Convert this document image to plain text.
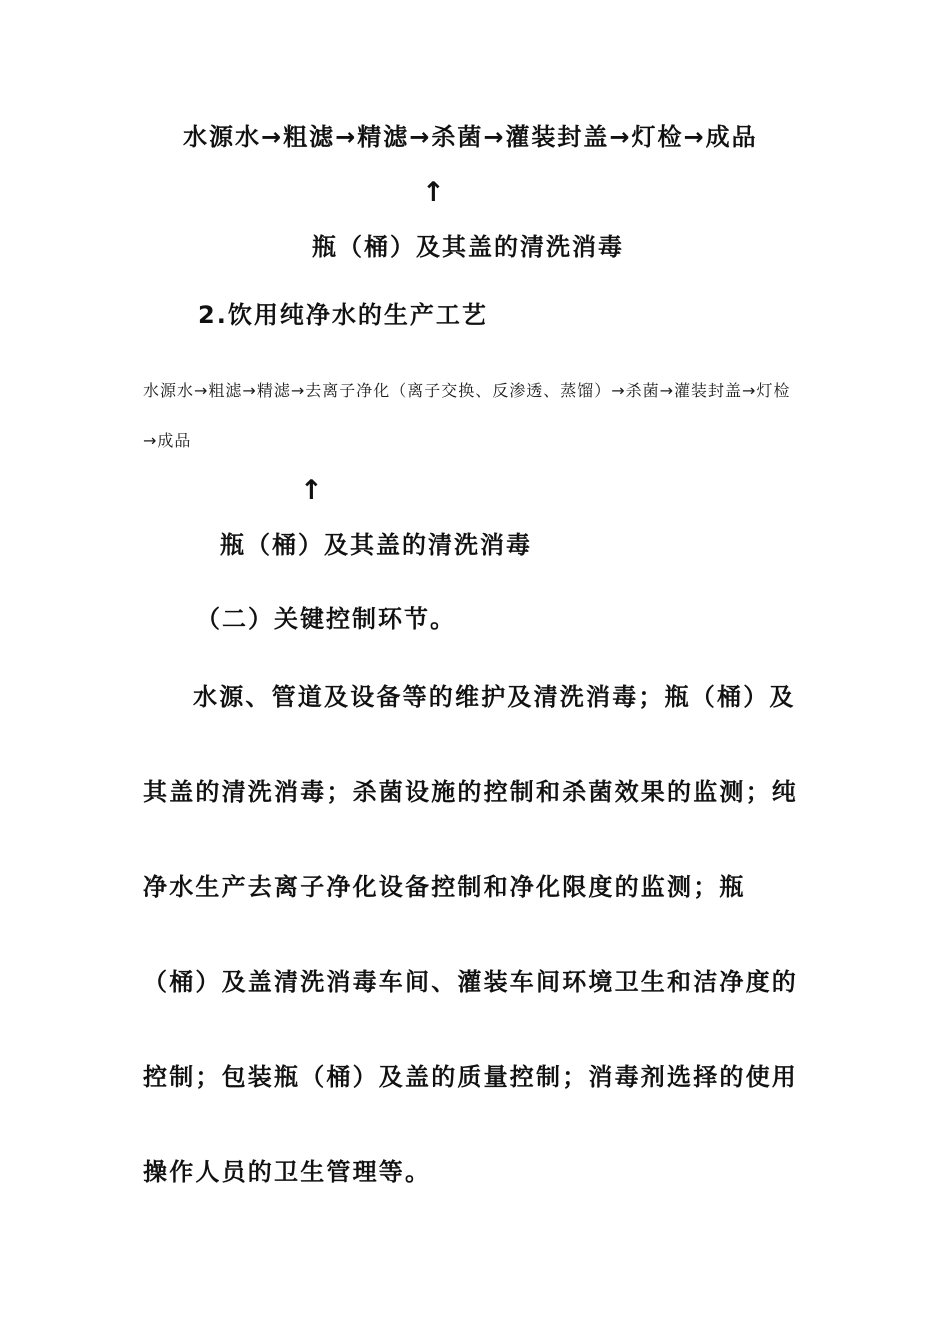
水源水→粗滤→精滤→杀菌→灌装封盖→灯检→成品
↑
瓶（桶）及其盖的清洗消毒
2.饮用纯净水的生产工艺
水源水→粗滤→精滤→去离子净化（离子交换、反渗透、蒸馏）→杀菌→灌装封盖→灯检
→成品
↑
瓶（桶）及其盖的清洗消毒
（二）关键控制环节。
水源、管道及设备等的维护及清洗消毒；瓶（桶）及
其盖的清洗消毒；杀菌设施的控制和杀菌效果的监测；纯
净水生产去离子净化设备控制和净化限度的监测；瓶
（桶）及盖清洗消毒车间、灌装车间环境卫生和洁净度的
控制；包装瓶（桶）及盖的质量控制；消毒剂选择的使用
操作人员的卫生管理等。
